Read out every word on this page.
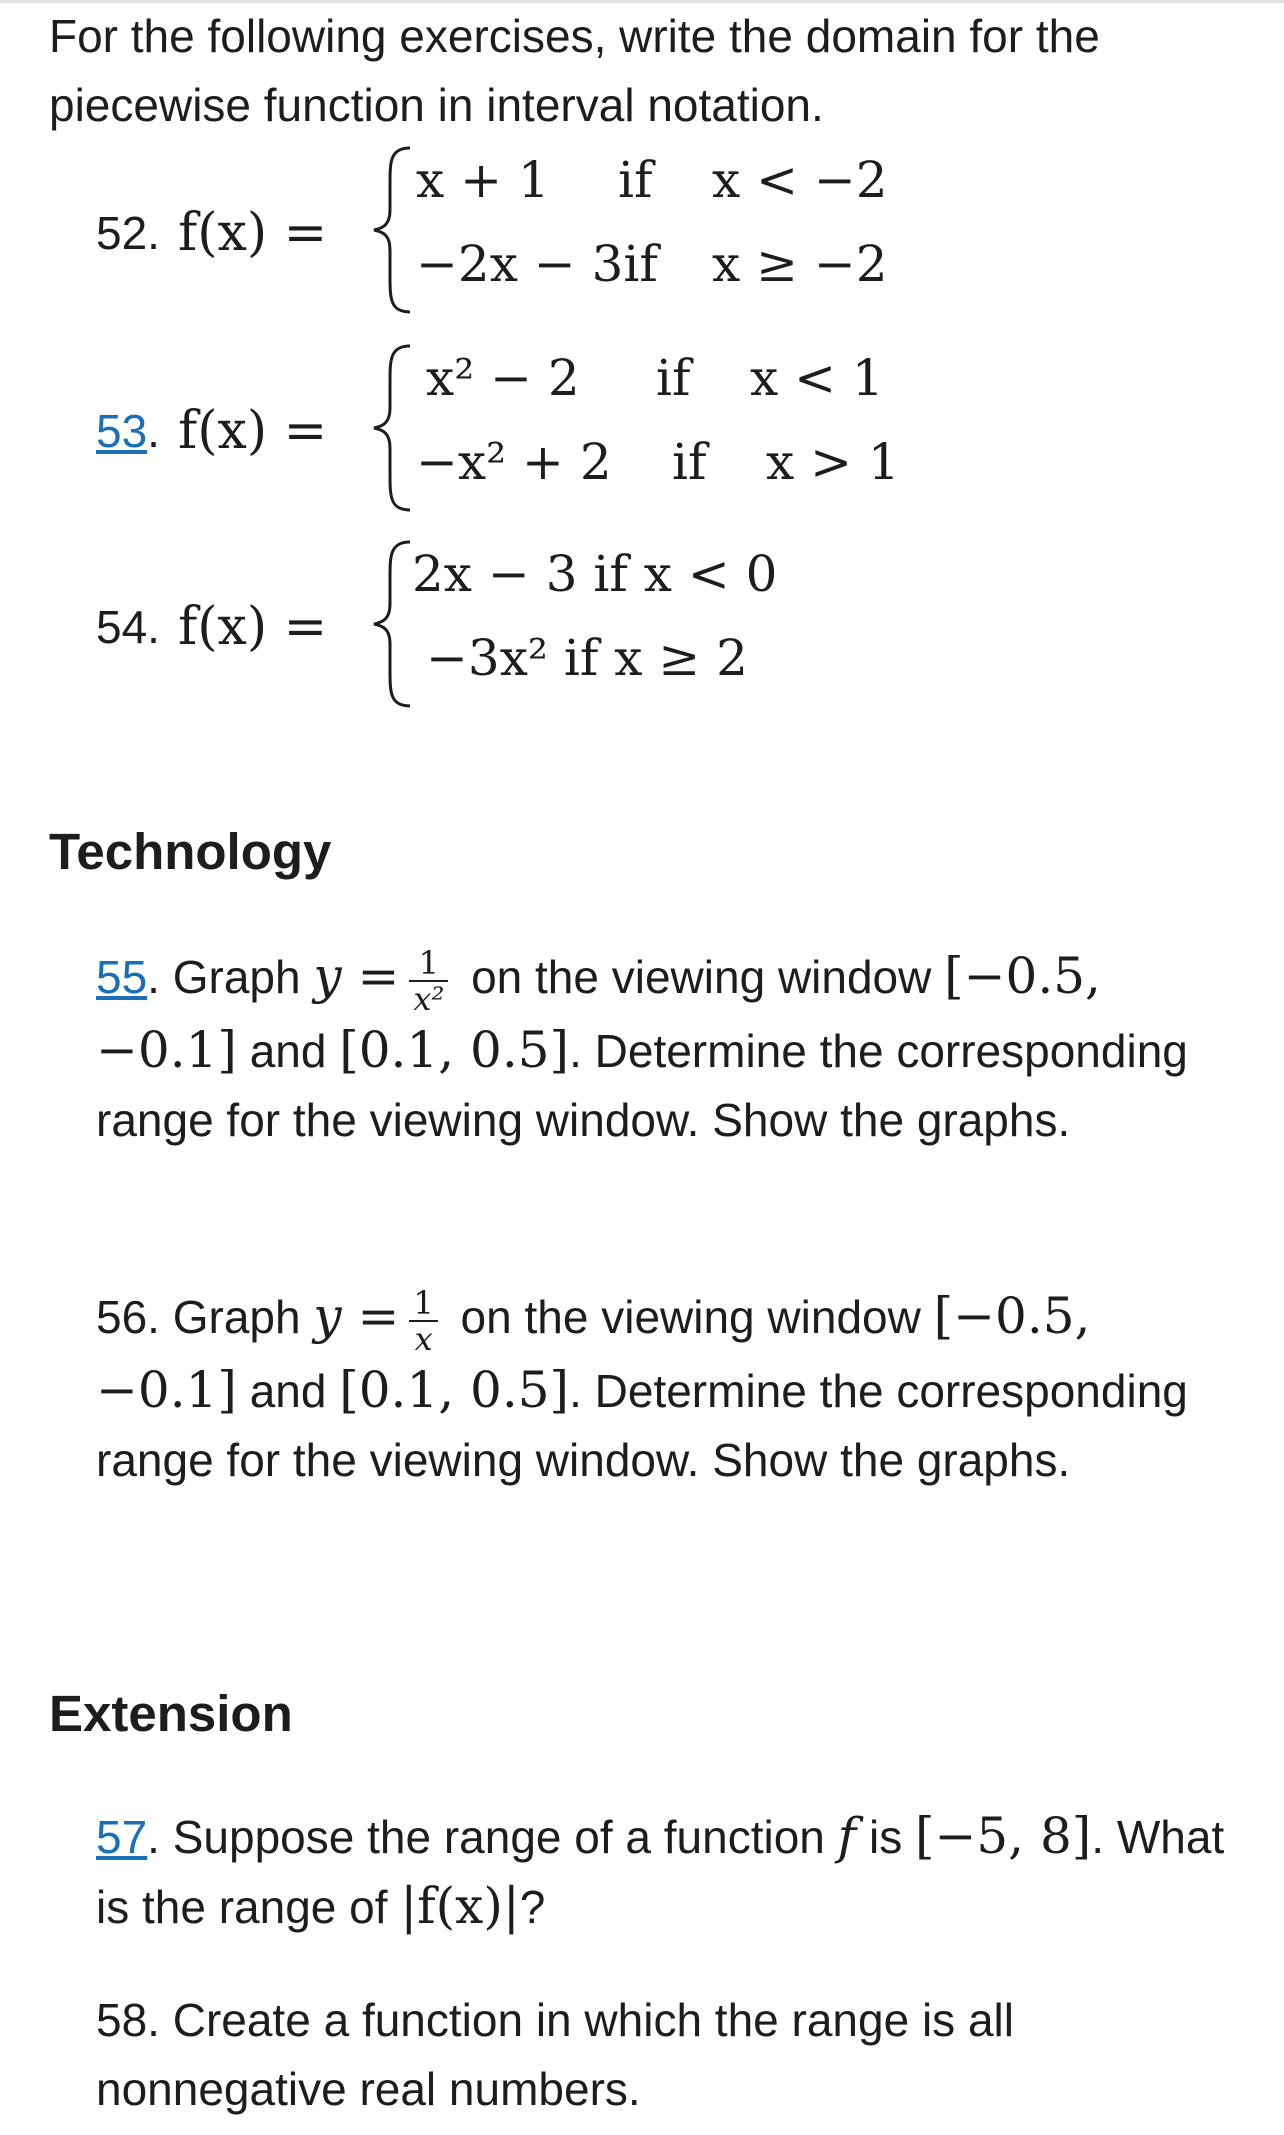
For the following exercises, write the domain for the piecewise function in interval notation.
52. f(x) =
x + 1 if x < −2
−2x − 3if x ≥ −2
53. f(x) =
x² − 2 if x < 1
−x² + 2 if x > 1
54. f(x) =
2x − 3 if x < 0
−3x² if x ≥ 2
Technology
55. Graph $y = \frac{1}{\text{x²}}$ on the viewing window [−0.5, −0.1] and [0.1, 0.5]. Determine the corresponding range for the viewing window. Show the graphs.
56. Graph $y = \frac{1}{x}$ on the viewing window [−0.5, −0.1] and [0.1, 0.5]. Determine the corresponding range for the viewing window. Show the graphs.
Extension
57. Suppose the range of a function f is [−5, 8]. What is the range of |f(x)|?
58. Create a function in which the range is all nonnegative real numbers.
